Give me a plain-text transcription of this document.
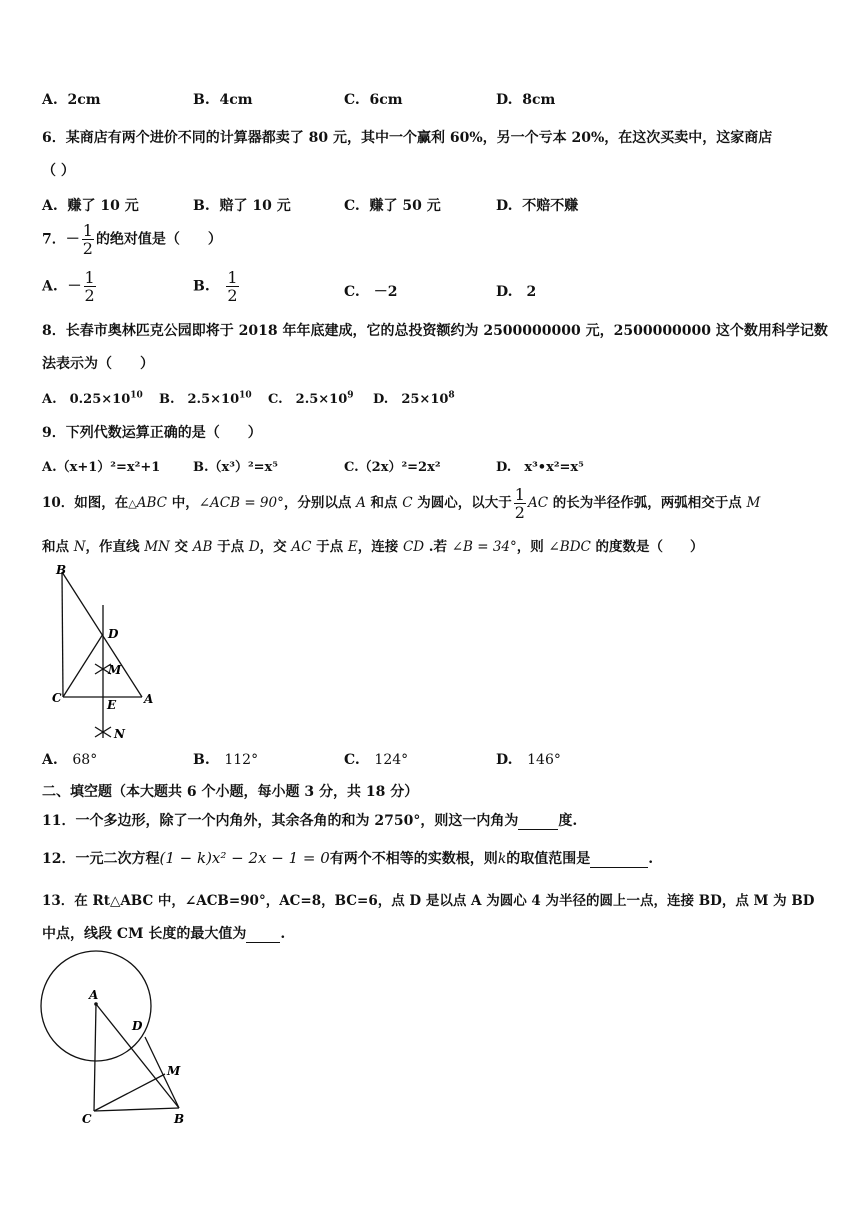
A. 2cm	B. 4cm	C. 6cm	D. 8cm
6．某商店有两个进价不同的计算器都卖了 80 元，其中一个赢利 60%，另一个亏本 20%，在这次买卖中，这家商店
（ ）
A. 赚了 10 元	B. 赔了 10 元	C. 赚了 50 元	D. 不赔不赚
7．－ $\frac{1}{2}$ 的绝对值是（　　）
A. － $\frac{1}{2}$	B. $\frac{1}{2}$	C.　－2	D.　2
8．长春市奥林匹克公园即将于 2018 年年底建成，它的总投资额约为 2500000000 元，2500000000 这个数用科学记数
法表示为（　　）
A.　$0.25\times 10^{10}$ B.　$2.5\times 10^{10}$ C.　$2.5\times 10^9$ D.　$25\times 10^8$
9．下列代数运算正确的是（　　）
A.（x+1）²=x²+1	B.（x³）²=x⁵	C.（2x）²=2x²	D.　x³•x²=x⁵
10．如图，在△ABC 中，∠ACB = 90°，分别以点 A 和点 C 为圆心，以大于 $\frac{1}{2}$ AC 的长为半径作弧，两弧相交于点 M
和点 N，作直线 MN 交 AB 于点 D，交 AC 于点 E，连接 CD .若 ∠B = 34°，则 ∠BDC 的度数是（　　）
B
D
M
C	A
E
N
A. 68°	B. 112°	C. 124°	D. 146°
二、填空题（本大题共 6 个小题，每小题 3 分，共 18 分）
11．一个多边形，除了一个内角外，其余各角的和为 2750°，则这一内角为	度.
12．一元二次方程(1 − k)x² − 2x − 1 = 0有两个不相等的实数根，则k的取值范围是	.
13．在 Rt△ABC 中，∠ACB=90°，AC=8，BC=6，点 D 是以点 A 为圆心 4 为半径的圆上一点，连接 BD，点 M 为 BD
中点，线段 CM 长度的最大值为 .
A
D
M
C	B
